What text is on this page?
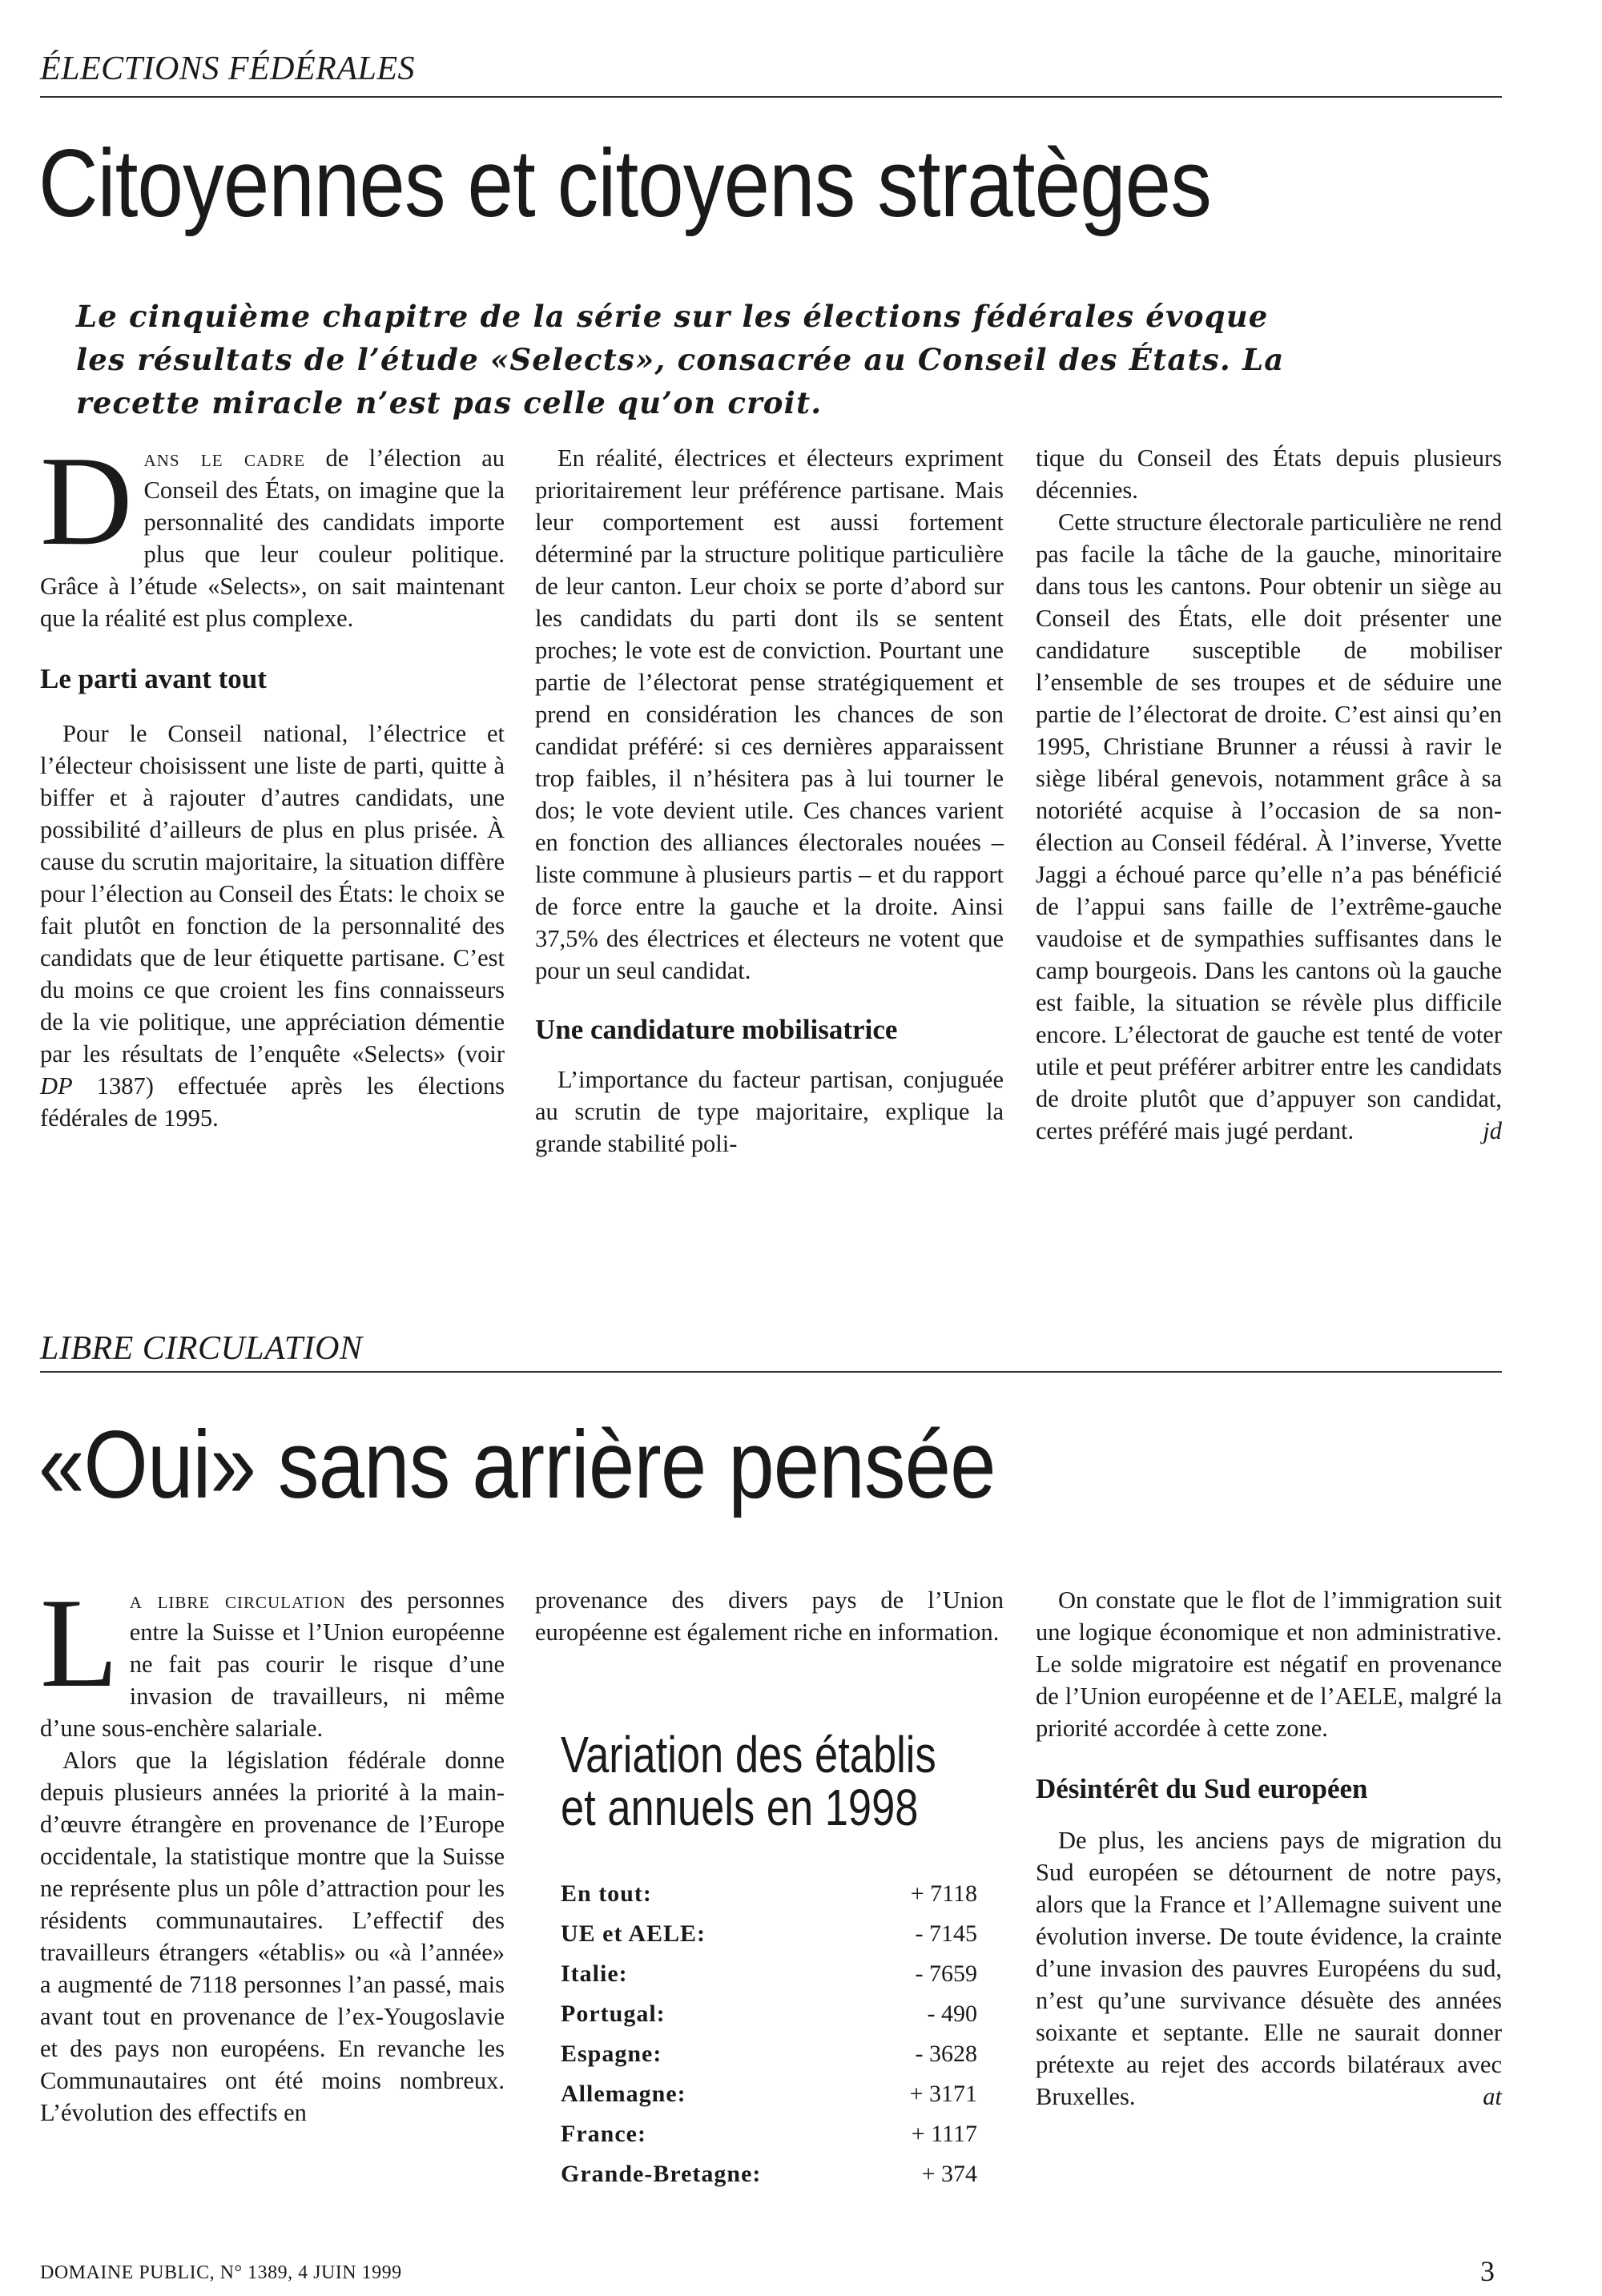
ÉLECTIONS FÉDÉRALES
Citoyennes et citoyens stratèges
Le cinquième chapitre de la série sur les élections fédérales évoque les résultats de l’étude «Selects», consacrée au Conseil des États. La recette miracle n’est pas celle qu’on croit.

Dans le cadre de l’élection au Conseil des États, on imagine que la personnalité des candidats importe plus que leur couleur politique. Grâce à l’étude «Selects», on sait maintenant que la réalité est plus complexe.

Le parti avant tout

Pour le Conseil national, l’électrice et l’électeur choisissent une liste de parti, quitte à biffer et à rajouter d’autres candidats, une possibilité d’ailleurs de plus en plus prisée. À cause du scrutin majoritaire, la situation diffère pour l’élection au Conseil des États: le choix se fait plutôt en fonction de la personnalité des candidats que de leur étiquette partisane. C’est du moins ce que croient les fins connaisseurs de la vie politique, une appréciation démentie par les résultats de l’enquête «Selects» (voir DP 1387) effectuée après les élections fédérales de 1995.

En réalité, électrices et électeurs expriment prioritairement leur préférence partisane. Mais leur comportement est aussi fortement déterminé par la structure politique particulière de leur canton. Leur choix se porte d’abord sur les candidats du parti dont ils se sentent proches; le vote est de conviction. Pourtant une partie de l’électorat pense stratégiquement et prend en considération les chances de son candidat préféré: si ces dernières apparaissent trop faibles, il n’hésitera pas à lui tourner le dos; le vote devient utile. Ces chances varient en fonction des alliances électorales nouées – liste commune à plusieurs partis – et du rapport de force entre la gauche et la droite. Ainsi 37,5% des électrices et électeurs ne votent que pour un seul candidat.

Une candidature mobilisatrice

L’importance du facteur partisan, conjuguée au scrutin de type majoritaire, explique la grande stabilité poli-

tique du Conseil des États depuis plusieurs décennies.

Cette structure électorale particulière ne rend pas facile la tâche de la gauche, minoritaire dans tous les cantons. Pour obtenir un siège au Conseil des États, elle doit présenter une candidature susceptible de mobiliser l’ensemble de ses troupes et de séduire une partie de l’électorat de droite. C’est ainsi qu’en 1995, Christiane Brunner a réussi à ravir le siège libéral genevois, notamment grâce à sa notoriété acquise à l’occasion de sa non-élection au Conseil fédéral. À l’inverse, Yvette Jaggi a échoué parce qu’elle n’a pas bénéficié de l’appui sans faille de l’extrême-gauche vaudoise et de sympathies suffisantes dans le camp bourgeois. Dans les cantons où la gauche est faible, la situation se révèle plus difficile encore. L’électorat de gauche est tenté de voter utile et peut préférer arbitrer entre les candidats de droite plutôt que d’appuyer son candidat, certes préféré mais jugé perdant.	jd

LIBRE CIRCULATION
«Oui» sans arrière pensée

La libre circulation des personnes entre la Suisse et l’Union européenne ne fait pas courir le risque d’une invasion de travailleurs, ni même d’une sous-enchère salariale.

Alors que la législation fédérale donne depuis plusieurs années la priorité à la main-d’œuvre étrangère en provenance de l’Europe occidentale, la statistique montre que la Suisse ne représente plus un pôle d’attraction pour les résidents communautaires. L’effectif des travailleurs étrangers «établis» ou «à l’année» a augmenté de 7118 personnes l’an passé, mais avant tout en provenance de l’ex-Yougoslavie et des pays non européens. En revanche les Communautaires ont été moins nombreux. L’évolution des effectifs en

provenance des divers pays de l’Union européenne est également riche en information.

Variation des établis
et annuels en 1998
En tout:	+ 7118
UE et AELE:	- 7145
Italie:	- 7659
Portugal:	- 490
Espagne:	- 3628
Allemagne:	+ 3171
France:	+ 1117
Grande-Bretagne:	+ 374

On constate que le flot de l’immigration suit une logique économique et non administrative. Le solde migratoire est négatif en provenance de l’Union européenne et de l’AELE, malgré la priorité accordée à cette zone.

Désintérêt du Sud européen

De plus, les anciens pays de migration du Sud européen se détournent de notre pays, alors que la France et l’Allemagne suivent une évolution inverse. De toute évidence, la crainte d’une invasion des pauvres Européens du sud, n’est qu’une survivance désuète des années soixante et septante. Elle ne saurait donner prétexte au rejet des accords bilatéraux avec Bruxelles.	at

DOMAINE PUBLIC, N° 1389, 4 JUIN 1999	3
